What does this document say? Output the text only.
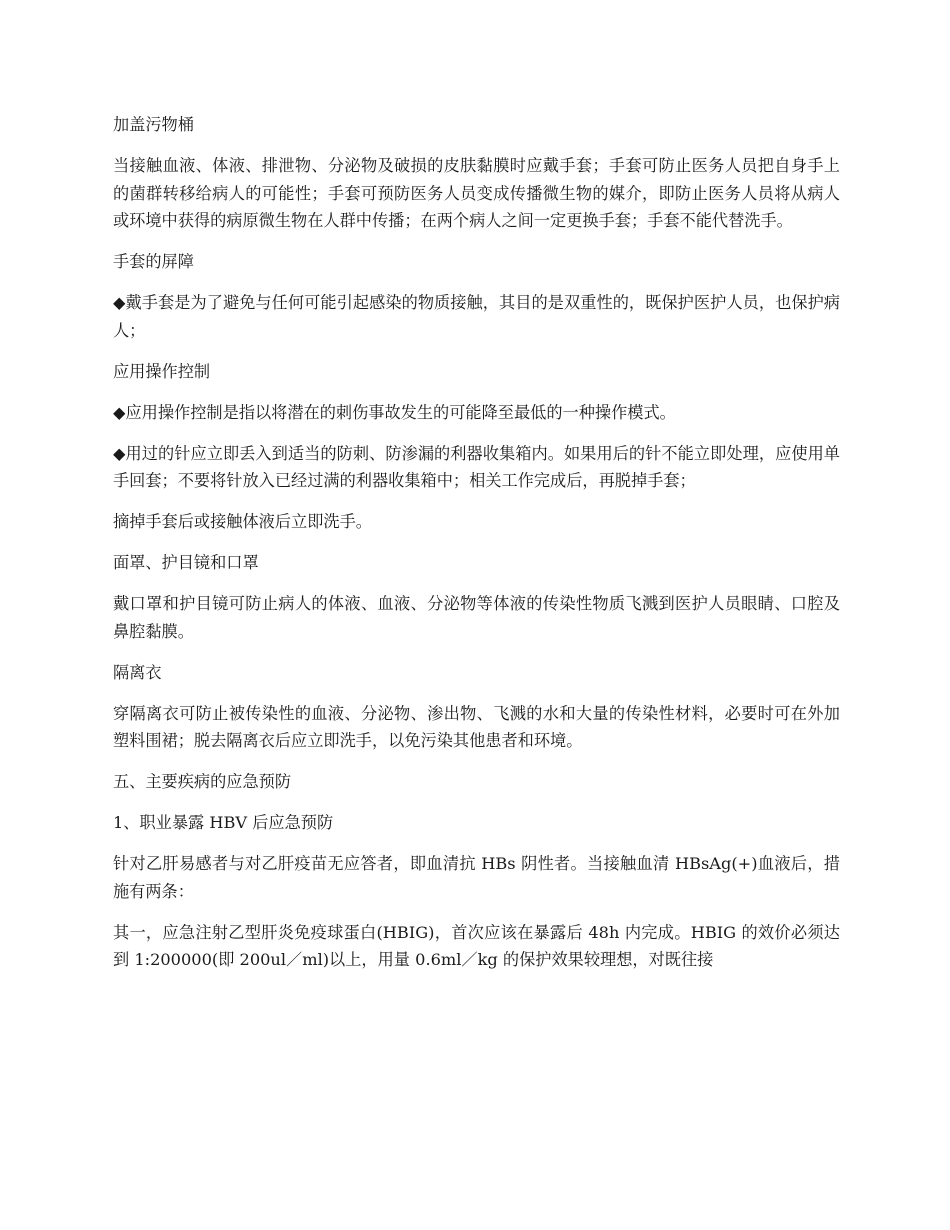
加盖污物桶

当接触血液、体液、排泄物、分泌物及破损的皮肤黏膜时应戴手套；手套可防止医务人员把自身手上的菌群转移给病人的可能性；手套可预防医务人员变成传播微生物的媒介，即防止医务人员将从病人或环境中获得的病原微生物在人群中传播；在两个病人之间一定更换手套；手套不能代替洗手。

手套的屏障

◆戴手套是为了避免与任何可能引起感染的物质接触，其目的是双重性的，既保护医护人员，也保护病人；

应用操作控制

◆应用操作控制是指以将潜在的刺伤事故发生的可能降至最低的一种操作模式。

◆用过的针应立即丢入到适当的防刺、防渗漏的利器收集箱内。如果用后的针不能立即处理，应使用单手回套；不要将针放入已经过满的利器收集箱中；相关工作完成后，再脱掉手套；

摘掉手套后或接触体液后立即洗手。

面罩、护目镜和口罩

戴口罩和护目镜可防止病人的体液、血液、分泌物等体液的传染性物质飞溅到医护人员眼睛、口腔及鼻腔黏膜。

隔离衣

穿隔离衣可防止被传染性的血液、分泌物、渗出物、飞溅的水和大量的传染性材料，必要时可在外加塑料围裙；脱去隔离衣后应立即洗手，以免污染其他患者和环境。

五、主要疾病的应急预防

1、职业暴露 HBV 后应急预防

针对乙肝易感者与对乙肝疫苗无应答者，即血清抗 HBs 阴性者。当接触血清 HBsAg(+)血液后，措施有两条：

其一，应急注射乙型肝炎免疫球蛋白(HBIG)，首次应该在暴露后 48h 内完成。HBIG 的效价必须达到 1:200000(即 200ul／ml)以上，用量 0.6ml／kg 的保护效果较理想，对既往接
